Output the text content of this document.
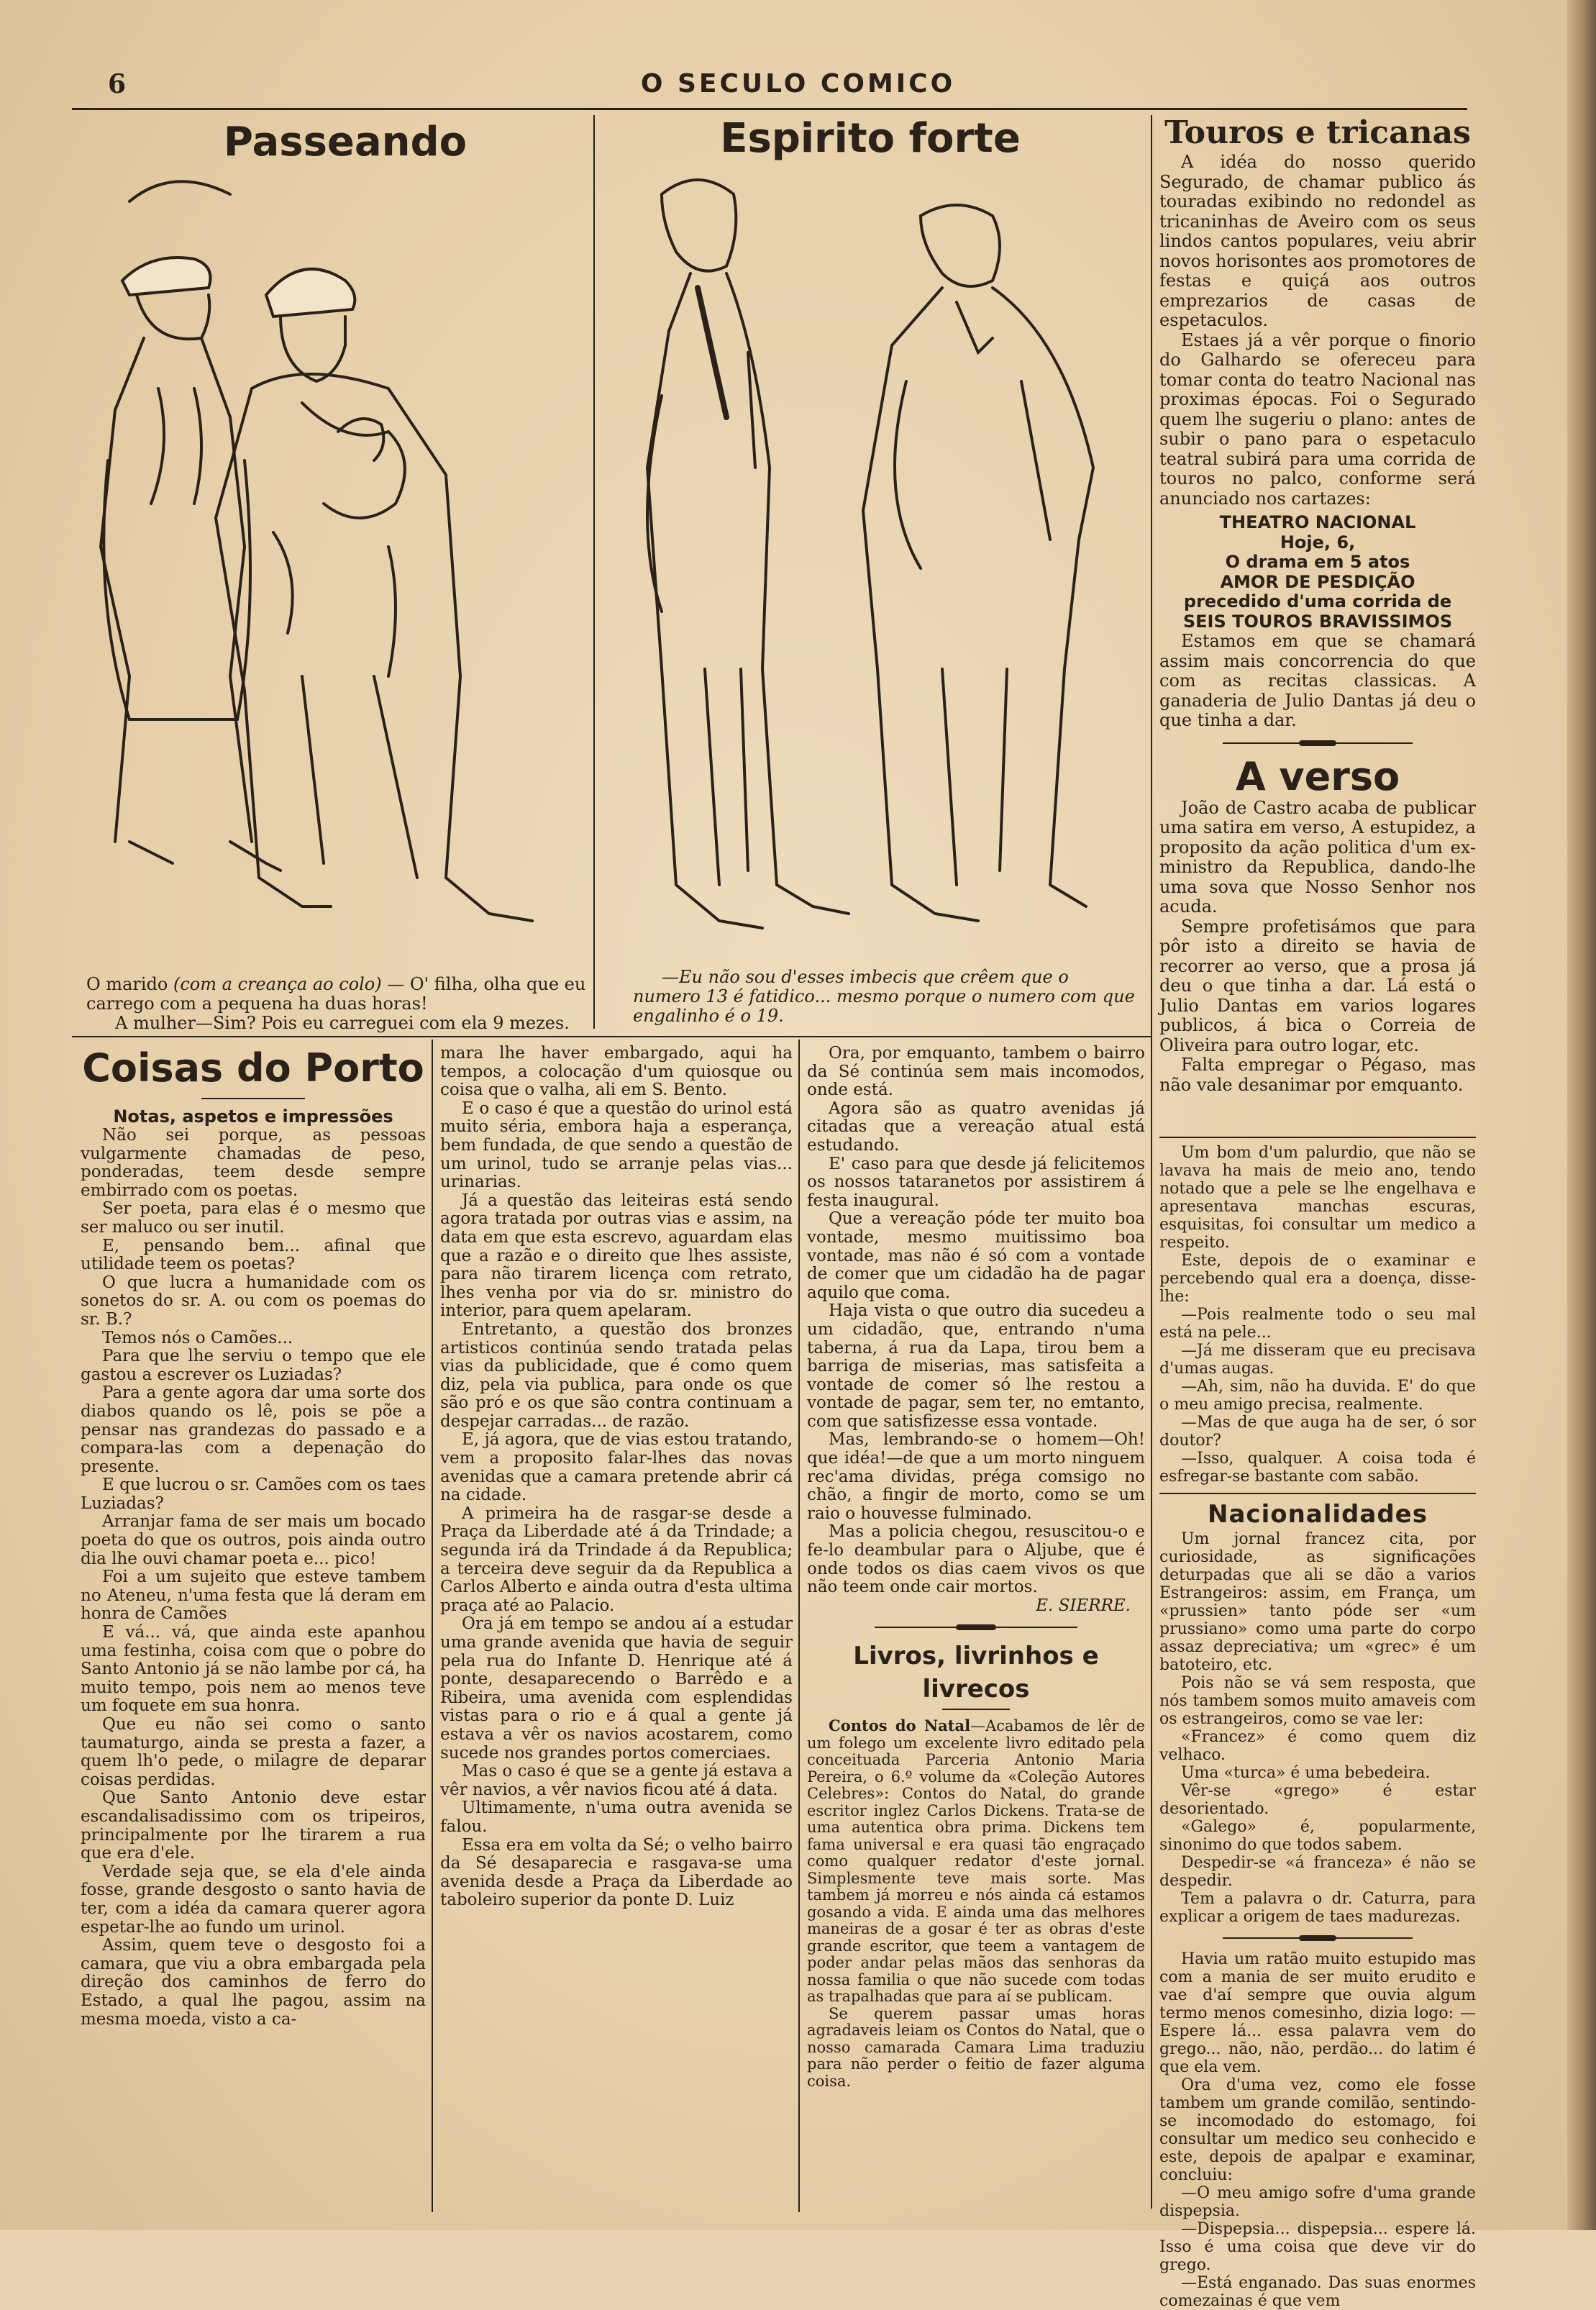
6	O SECULO COMICO
Passeando
O marido (com a creança ao colo) — O' filha, olha que eu carrego com a pequena ha duas horas!
A mulher—Sim? Pois eu carreguei com ela 9 mezes.
Espirito forte
—Eu não sou d'esses imbecis que crêem que o numero 13 é fatidico... mesmo porque o numero com que engalinho é o 19.
Touros e tricanas

A idéa do nosso querido Segurado, de chamar publico ás touradas exibindo no redondel as tricaninhas de Aveiro com os seus lindos cantos populares, veiu abrir novos horisontes aos promotores de festas e quiçá aos outros emprezarios de casas de espetaculos.

Estaes já a vêr porque o finorio do Galhardo se ofereceu para tomar conta do teatro Nacional nas proximas épocas. Foi o Segurado quem lhe sugeriu o plano: antes de subir o pano para o espetaculo teatral subirá para uma corrida de touros no palco, conforme será anunciado nos cartazes:

THEATRO NACIONAL

Hoje, 6,

O drama em 5 atos

AMOR DE PESDIÇÃO

precedido d'uma corrida de

SEIS TOUROS BRAVISSIMOS

Estamos em que se chamará assim mais concorrencia do que com as recitas classicas. A ganaderia de Julio Dantas já deu o que tinha a dar.

A verso

João de Castro acaba de publicar uma satira em verso, A estupidez, a proposito da ação politica d'um ex-ministro da Republica, dando-lhe uma sova que Nosso Senhor nos acuda.

Sempre profetisámos que para pôr isto a direito se havia de recorrer ao verso, que a prosa já deu o que tinha a dar. Lá está o Julio Dantas em varios logares publicos, á bica o Correia de Oliveira para outro logar, etc.

Falta empregar o Pégaso, mas não vale desanimar por emquanto.

Um bom d'um palurdio, que não se lavava ha mais de meio ano, tendo notado que a pele se lhe engelhava e apresentava manchas escuras, esquisitas, foi consultar um medico a respeito.

Este, depois de o examinar e percebendo qual era a doença, disse-lhe:

—Pois realmente todo o seu mal está na pele...

—Já me disseram que eu precisava d'umas augas.

—Ah, sim, não ha duvida. E' do que o meu amigo precisa, realmente.

—Mas de que auga ha de ser, ó sor doutor?

—Isso, qualquer. A coisa toda é esfregar-se bastante com sabão.

Nacionalidades

Um jornal francez cita, por curiosidade, as significações deturpadas que ali se dão a varios Estrangeiros: assim, em França, um «prussien» tanto póde ser «um prussiano» como uma parte do corpo assaz depreciativa; um «grec» é um batoteiro, etc.

Pois não se vá sem resposta, que nós tambem somos muito amaveis com os estrangeiros, como se vae ler:

«Francez» é como quem diz velhaco.

Uma «turca» é uma bebedeira.

Vêr-se «grego» é estar desorientado.

«Galego» é, popularmente, sinonimo do que todos sabem.

Despedir-se «á franceza» é não se despedir.

Tem a palavra o dr. Caturra, para explicar a origem de taes madurezas.

Havia um ratão muito estupido mas com a mania de ser muito erudito e vae d'aí sempre que ouvia algum termo menos comesinho, dizia logo: —Espere lá... essa palavra vem do grego... não, não, perdão... do latim é que ela vem.

Ora d'uma vez, como ele fosse tambem um grande comilão, sentindo-se incomodado do estomago, foi consultar um medico seu conhecido e este, depois de apalpar e examinar, concluiu:

—O meu amigo sofre d'uma grande dispepsia.

—Dispepsia... dispepsia... espere lá. Isso é uma coisa que deve vir do grego.

—Está enganado. Das suas enormes comezainas é que vem

Coisas do Porto
Notas, aspetos e impressões

Não sei porque, as pessoas vulgarmente chamadas de peso, ponderadas, teem desde sempre embirrado com os poetas.

Ser poeta, para elas é o mesmo que ser maluco ou ser inutil.

E, pensando bem... afinal que utilidade teem os poetas?

O que lucra a humanidade com os sonetos do sr. A. ou com os poemas do sr. B.?

Temos nós o Camões...

Para que lhe serviu o tempo que ele gastou a escrever os Luziadas?

Para a gente agora dar uma sorte dos diabos quando os lê, pois se põe a pensar nas grandezas do passado e a compara-las com a depenação do presente.

E que lucrou o sr. Camões com os taes Luziadas?

Arranjar fama de ser mais um bocado poeta do que os outros, pois ainda outro dia lhe ouvi chamar poeta e... pico!

Foi a um sujeito que esteve tambem no Ateneu, n'uma festa que lá deram em honra de Camões

E vá... vá, que ainda este apanhou uma festinha, coisa com que o pobre do Santo Antonio já se não lambe por cá, ha muito tempo, pois nem ao menos teve um foquete em sua honra.

Que eu não sei como o santo taumaturgo, ainda se presta a fazer, a quem lh'o pede, o milagre de deparar coisas perdidas.

Que Santo Antonio deve estar escandalisadissimo com os tripeiros, principalmente por lhe tirarem a rua que era d'ele.

Verdade seja que, se ela d'ele ainda fosse, grande desgosto o santo havia de ter, com a idéa da camara querer agora espetar-lhe ao fundo um urinol.

Assim, quem teve o desgosto foi a camara, que viu a obra embargada pela direção dos caminhos de ferro do Estado, a qual lhe pagou, assim na mesma moeda, visto a ca-

mara lhe haver embargado, aqui ha tempos, a colocação d'um quiosque ou coisa que o valha, ali em S. Bento.

E o caso é que a questão do urinol está muito séria, embora haja a esperança, bem fundada, de que sendo a questão de um urinol, tudo se arranje pelas vias... urinarias.

Já a questão das leiteiras está sendo agora tratada por outras vias e assim, na data em que esta escrevo, aguardam elas que a razão e o direito que lhes assiste, para não tirarem licença com retrato, lhes venha por via do sr. ministro do interior, para quem apelaram.

Entretanto, a questão dos bronzes artisticos continúa sendo tratada pelas vias da publicidade, que é como quem diz, pela via publica, para onde os que são pró e os que são contra continuam a despejar carradas... de razão.

E, já agora, que de vias estou tratando, vem a proposito falar-lhes das novas avenidas que a camara pretende abrir cá na cidade.

A primeira ha de rasgar-se desde a Praça da Liberdade até á da Trindade; a segunda irá da Trindade á da Republica; a terceira deve seguir da da Republica a Carlos Alberto e ainda outra d'esta ultima praça até ao Palacio.

Ora já em tempo se andou aí a estudar uma grande avenida que havia de seguir pela rua do Infante D. Henrique até á ponte, desaparecendo o Barrêdo e a Ribeira, uma avenida com esplendidas vistas para o rio e á qual a gente já estava a vêr os navios acostarem, como sucede nos grandes portos comerciaes.

Mas o caso é que se a gente já estava a vêr navios, a vêr navios ficou até á data.

Ultimamente, n'uma outra avenida se falou.

Essa era em volta da Sé; o velho bairro da Sé desaparecia e rasgava-se uma avenida desde a Praça da Liberdade ao taboleiro superior da ponte D. Luiz

Ora, por emquanto, tambem o bairro da Sé continúa sem mais incomodos, onde está.

Agora são as quatro avenidas já citadas que a vereação atual está estudando.

E' caso para que desde já felicitemos os nossos tataranetos por assistirem á festa inaugural.

Que a vereação póde ter muito boa vontade, mesmo muitissimo boa vontade, mas não é só com a vontade de comer que um cidadão ha de pagar aquilo que coma.

Haja vista o que outro dia sucedeu a um cidadão, que, entrando n'uma taberna, á rua da Lapa, tirou bem a barriga de miserias, mas satisfeita a vontade de comer só lhe restou a vontade de pagar, sem ter, no emtanto, com que satisfizesse essa vontade.

Mas, lembrando-se o homem—Oh! que idéa!—de que a um morto ninguem rec'ama dividas, préga comsigo no chão, a fingir de morto, como se um raio o houvesse fulminado.

Mas a policia chegou, resuscitou-o e fe-lo deambular para o Aljube, que é onde todos os dias caem vivos os que não teem onde cair mortos.

E. SIERRE.

Livros, livrinhos e livrecos

Contos do Natal—Acabamos de lêr de um folego um excelente livro editado pela conceituada Parceria Antonio Maria Pereira, o 6.º volume da «Coleção Autores Celebres»: Contos do Natal, do grande escritor inglez Carlos Dickens. Trata-se de uma autentica obra prima. Dickens tem fama universal e era quasi tão engraçado como qualquer redator d'este jornal. Simplesmente teve mais sorte. Mas tambem já morreu e nós ainda cá estamos gosando a vida. E ainda uma das melhores maneiras de a gosar é ter as obras d'este grande escritor, que teem a vantagem de poder andar pelas mãos das senhoras da nossa familia o que não sucede com todas as trapalhadas que para aí se publicam.

Se querem passar umas horas agradaveis leiam os Contos do Natal, que o nosso camarada Camara Lima traduziu para não perder o feitio de fazer alguma coisa.
